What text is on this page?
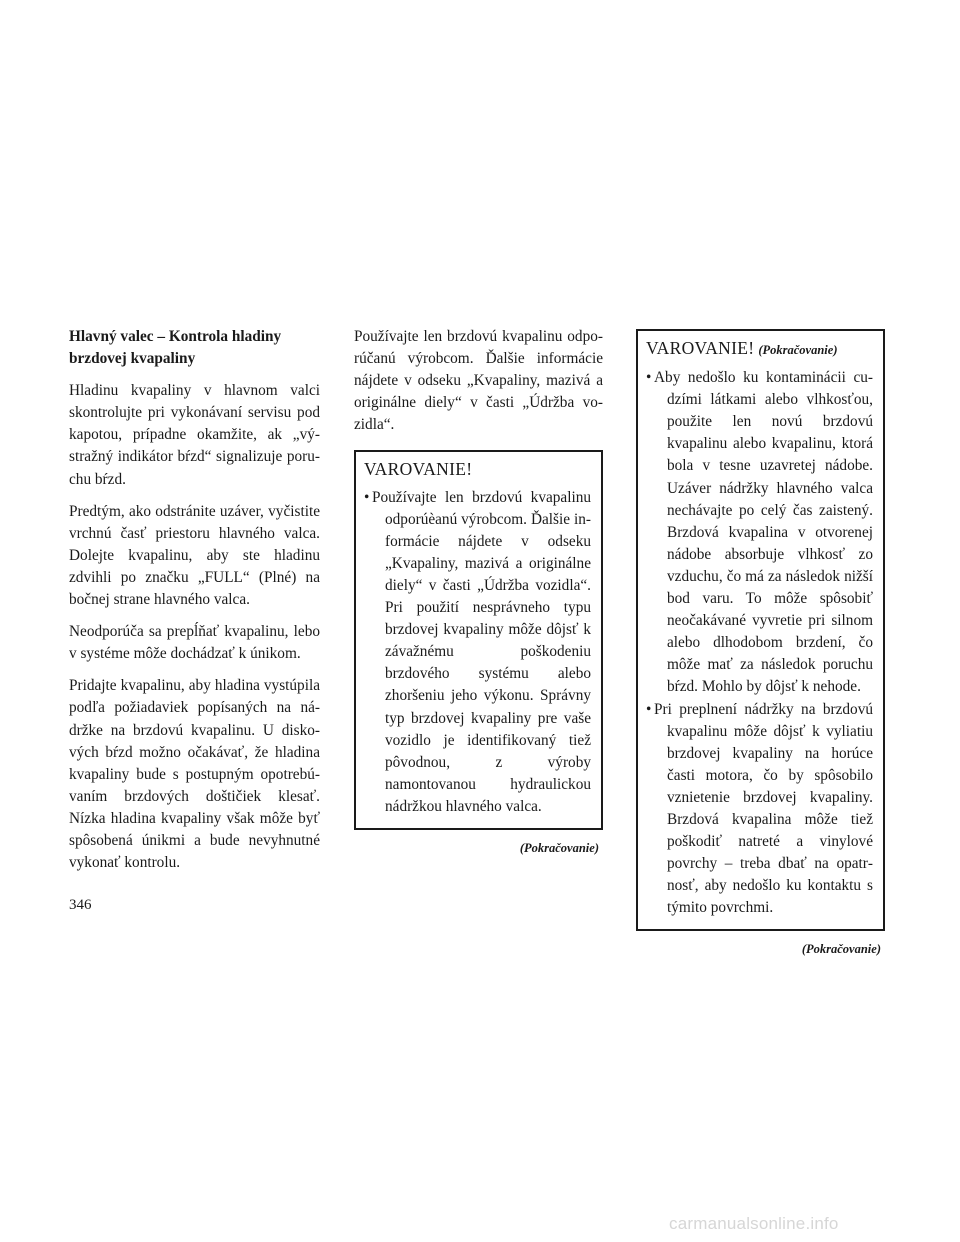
Hlavný valec – Kontrola hladiny brzdovej kvapaliny

Hladinu kvapaliny v hlavnom valci skontrolujte pri vykonávaní servisu pod kapotou, prípadne okamžite, ak „výstražný indikátor bŕzd“ signalizuje poruchu bŕzd.

Predtým, ako odstránite uzáver, vyčistite vrchnú časť priestoru hlavného valca. Dolejte kvapalinu, aby ste hladinu zdvihli po značku „FULL“ (Plné) na bočnej strane hlavného valca.

Neodporúča sa prepĺňať kvapalinu, lebo v systéme môže dochádzať k únikom.

Pridajte kvapalinu, aby hladina vystúpila podľa požiadaviek popísaných na nádržke na brzdovú kvapalinu. U diskových bŕzd možno očakávať, že hladina kvapaliny bude s postupným opotrebúvaním brzdových doštičiek klesať. Nízka hladina kvapaliny však môže byť spôsobená únikmi a bude nevyhnutné vykonať kontrolu.

Používajte len brzdovú kvapalinu odporúčanú výrobcom. Ďalšie informácie nájdete v odseku „Kvapaliny, mazivá a originálne diely“ v časti „Údržba vozidla“.

VAROVANIE!
• Používajte len brzdovú kvapalinu odporúèanú výrobcom. Ďalšie informácie nájdete v odseku „Kvapaliny, mazivá a originálne diely“ v časti „Údržba vozidla“. Pri použití nesprávneho typu brzdovej kvapaliny môže dôjsť k závažnému poškodeniu brzdového systému alebo zhoršeniu jeho výkonu. Správny typ brzdovej kvapaliny pre vaše vozidlo je identifikovaný tiež pôvodnou, z výroby namontovanou hydraulickou nádržkou hlavného valca.
(Pokračovanie)
VAROVANIE! (Pokračovanie)
• Aby nedošlo ku kontaminácii cudzími látkami alebo vlhkosťou, použite len novú brzdovú kvapalinu alebo kvapalinu, ktorá bola v tesne uzavretej nádobe. Uzáver nádržky hlavného valca nechávajte po celý čas zaistený. Brzdová kvapalina v otvorenej nádobe absorbuje vlhkosť zo vzduchu, čo má za následok nižší bod varu. To môže spôsobiť neočakávané vyvretie pri silnom alebo dlhodobom brzdení, čo môže mať za následok poruchu bŕzd. Mohlo by dôjsť k nehode.
• Pri preplnení nádržky na brzdovú kvapalinu môže dôjsť k vyliatiu brzdovej kvapaliny na horúce časti motora, čo by spôsobilo vznietenie brzdovej kvapaliny. Brzdová kvapalina môže tiež poškodiť natreté a vinylové povrchy – treba dbať na opatrnosť, aby nedošlo ku kontaktu s týmito povrchmi.
(Pokračovanie)
346
carmanualsonline.info
